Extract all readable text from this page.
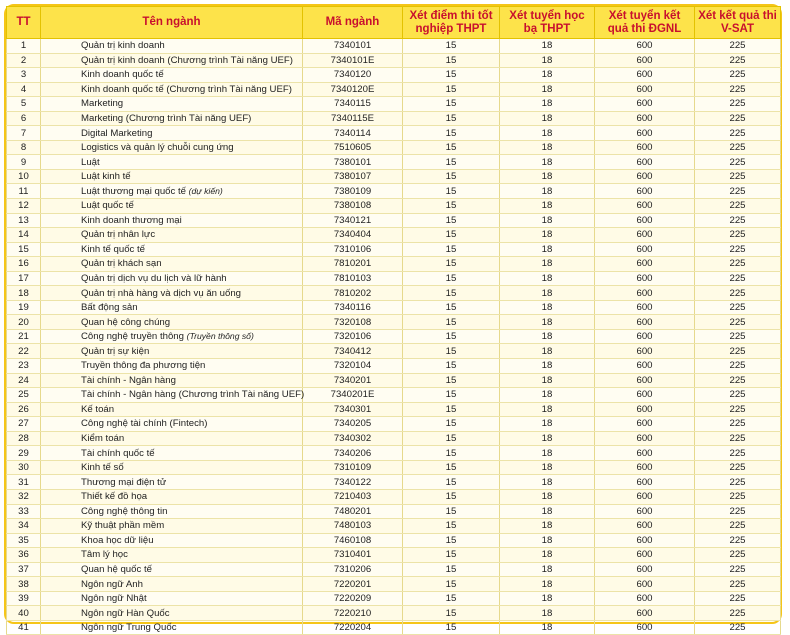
TT	Tên ngành	Mã ngành	Xét điểm thi tốt nghiệp THPT	Xét tuyển học bạ THPT	Xét tuyển kết quả thi ĐGNL	Xét kết quả thi V-SAT
1	Quản trị kinh doanh	7340101	15	18	600	225
2	Quản trị kinh doanh (Chương trình Tài năng UEF)	7340101E	15	18	600	225
3	Kinh doanh quốc tế	7340120	15	18	600	225
4	Kinh doanh quốc tế (Chương trình Tài năng UEF)	7340120E	15	18	600	225
5	Marketing	7340115	15	18	600	225
6	Marketing (Chương trình Tài năng UEF)	7340115E	15	18	600	225
7	Digital Marketing	7340114	15	18	600	225
8	Logistics và quản lý chuỗi cung ứng	7510605	15	18	600	225
9	Luật	7380101	15	18	600	225
10	Luật kinh tế	7380107	15	18	600	225
11	Luật thương mại quốc tế (dự kiến)	7380109	15	18	600	225
12	Luật quốc tế	7380108	15	18	600	225
13	Kinh doanh thương mại	7340121	15	18	600	225
14	Quản trị nhân lực	7340404	15	18	600	225
15	Kinh tế quốc tế	7310106	15	18	600	225
16	Quản trị khách sạn	7810201	15	18	600	225
17	Quản trị dịch vụ du lịch và lữ hành	7810103	15	18	600	225
18	Quản trị nhà hàng và dịch vụ ăn uống	7810202	15	18	600	225
19	Bất động sản	7340116	15	18	600	225
20	Quan hệ công chúng	7320108	15	18	600	225
21	Công nghệ truyền thông (Truyền thông số)	7320106	15	18	600	225
22	Quản trị sự kiện	7340412	15	18	600	225
23	Truyền thông đa phương tiện	7320104	15	18	600	225
24	Tài chính - Ngân hàng	7340201	15	18	600	225
25	Tài chính - Ngân hàng (Chương trình Tài năng UEF)	7340201E	15	18	600	225
26	Kế toán	7340301	15	18	600	225
27	Công nghệ tài chính (Fintech)	7340205	15	18	600	225
28	Kiểm toán	7340302	15	18	600	225
29	Tài chính quốc tế	7340206	15	18	600	225
30	Kinh tế số	7310109	15	18	600	225
31	Thương mại điện tử	7340122	15	18	600	225
32	Thiết kế đồ họa	7210403	15	18	600	225
33	Công nghệ thông tin	7480201	15	18	600	225
34	Kỹ thuật phần mềm	7480103	15	18	600	225
35	Khoa học dữ liệu	7460108	15	18	600	225
36	Tâm lý học	7310401	15	18	600	225
37	Quan hệ quốc tế	7310206	15	18	600	225
38	Ngôn ngữ Anh	7220201	15	18	600	225
39	Ngôn ngữ Nhật	7220209	15	18	600	225
40	Ngôn ngữ Hàn Quốc	7220210	15	18	600	225
41	Ngôn ngữ Trung Quốc	7220204	15	18	600	225
